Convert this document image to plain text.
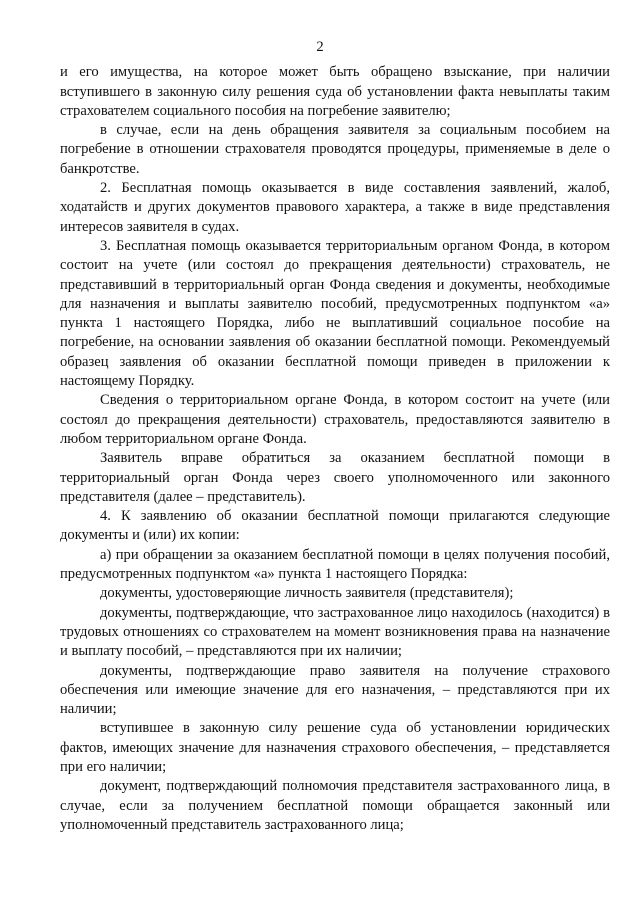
2

и его имущества, на которое может быть обращено взыскание, при наличии вступившего в законную силу решения суда об установлении факта невыплаты таким страхователем социального пособия на погребение заявителю;

в случае, если на день обращения заявителя за социальным пособием на погребение в отношении страхователя проводятся процедуры, применяемые в деле о банкротстве.

2. Бесплатная помощь оказывается в виде составления заявлений, жалоб, ходатайств и других документов правового характера, а также в виде представления интересов заявителя в судах.

3. Бесплатная помощь оказывается территориальным органом Фонда, в котором состоит на учете (или состоял до прекращения деятельности) страхователь, не представивший в территориальный орган Фонда сведения и документы, необходимые для назначения и выплаты заявителю пособий, предусмотренных подпунктом «а» пункта 1 настоящего Порядка, либо не выплативший социальное пособие на погребение, на основании заявления об оказании бесплатной помощи. Рекомендуемый образец заявления об оказании бесплатной помощи приведен в приложении к настоящему Порядку.

Сведения о территориальном органе Фонда, в котором состоит на учете (или состоял до прекращения деятельности) страхователь, предоставляются заявителю в любом территориальном органе Фонда.

Заявитель вправе обратиться за оказанием бесплатной помощи в территориальный орган Фонда через своего уполномоченного или законного представителя (далее – представитель).

4. К заявлению об оказании бесплатной помощи прилагаются следующие документы и (или) их копии:

а) при обращении за оказанием бесплатной помощи в целях получения пособий, предусмотренных подпунктом «а» пункта 1 настоящего Порядка:

документы, удостоверяющие личность заявителя (представителя);

документы, подтверждающие, что застрахованное лицо находилось (находится) в трудовых отношениях со страхователем на момент возникновения права на назначение и выплату пособий, – представляются при их наличии;

документы, подтверждающие право заявителя на получение страхового обеспечения или имеющие значение для его назначения, – представляются при их наличии;

вступившее в законную силу решение суда об установлении юридических фактов, имеющих значение для назначения страхового обеспечения, – представляется при его наличии;

документ, подтверждающий полномочия представителя застрахованного лица, в случае, если за получением бесплатной помощи обращается законный или уполномоченный представитель застрахованного лица;
